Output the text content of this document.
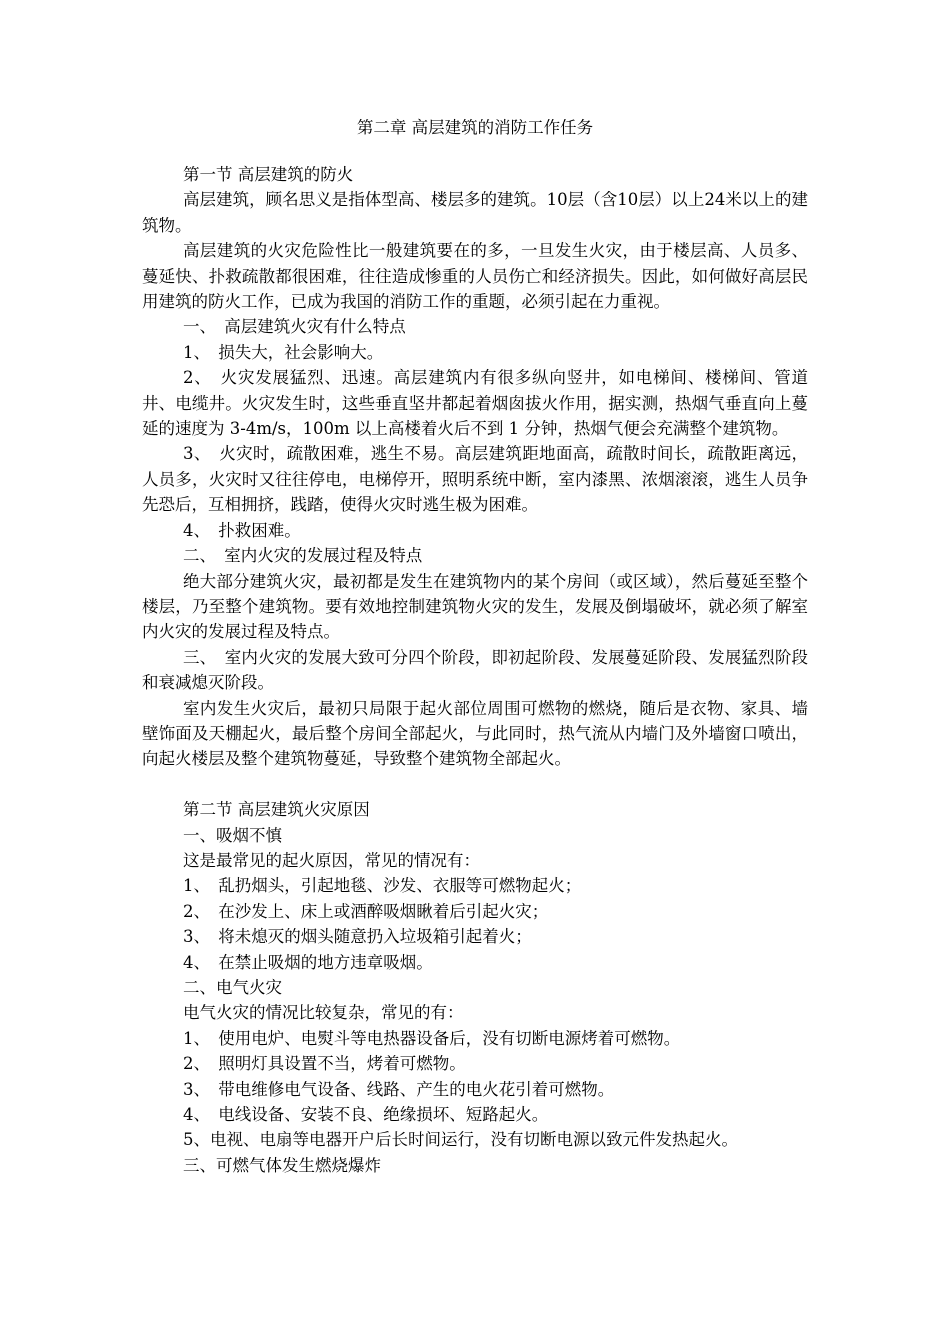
第二章 高层建筑的消防工作任务

第一节 高层建筑的防火

高层建筑，顾名思义是指体型高、楼层多的建筑。10层（含10层）以上24米以上的建筑物。

高层建筑的火灾危险性比一般建筑要在的多，一旦发生火灾，由于楼层高、人员多、蔓延快、扑救疏散都很困难，往往造成惨重的人员伤亡和经济损失。因此，如何做好高层民用建筑的防火工作，已成为我国的消防工作的重题，必须引起在力重视。

一、　高层建筑火灾有什么特点

1、　损失大，社会影响大。

2、　火灾发展猛烈、迅速。高层建筑内有很多纵向竖井，如电梯间、楼梯间、管道井、电缆井。火灾发生时，这些垂直坚井都起着烟囱拔火作用，据实测，热烟气垂直向上蔓延的速度为 3-4m/s，100m 以上高楼着火后不到 1 分钟，热烟气便会充满整个建筑物。

3、　火灾时，疏散困难，逃生不易。高层建筑距地面高，疏散时间长，疏散距离远，人员多，火灾时又往往停电，电梯停开，照明系统中断，室内漆黑、浓烟滚滚，逃生人员争先恐后，互相拥挤，践踏，使得火灾时逃生极为困难。

4、　扑救困难。

二、　室内火灾的发展过程及特点

绝大部分建筑火灾，最初都是发生在建筑物内的某个房间（或区域），然后蔓延至整个楼层，乃至整个建筑物。要有效地控制建筑物火灾的发生，发展及倒塌破坏，就必须了解室内火灾的发展过程及特点。

三、　室内火灾的发展大致可分四个阶段，即初起阶段、发展蔓延阶段、发展猛烈阶段和衰减熄灭阶段。

室内发生火灾后，最初只局限于起火部位周围可燃物的燃烧，随后是衣物、家具、墙壁饰面及天棚起火，最后整个房间全部起火，与此同时，热气流从内墙门及外墙窗口喷出，向起火楼层及整个建筑物蔓延，导致整个建筑物全部起火。

第二节 高层建筑火灾原因

一、吸烟不慎

这是最常见的起火原因，常见的情况有：

1、　乱扔烟头，引起地毯、沙发、衣服等可燃物起火；

2、　在沙发上、床上或酒醉吸烟瞅着后引起火灾；

3、　将未熄灭的烟头随意扔入垃圾箱引起着火；

4、　在禁止吸烟的地方违章吸烟。

二、电气火灾

电气火灾的情况比较复杂，常见的有：

1、　使用电炉、电熨斗等电热器设备后，没有切断电源烤着可燃物。

2、　照明灯具设置不当，烤着可燃物。

3、　带电维修电气设备、线路、产生的电火花引着可燃物。

4、　电线设备、安装不良、绝缘损坏、短路起火。

5、电视、电扇等电器开户后长时间运行，没有切断电源以致元件发热起火。

三、可燃气体发生燃烧爆炸
